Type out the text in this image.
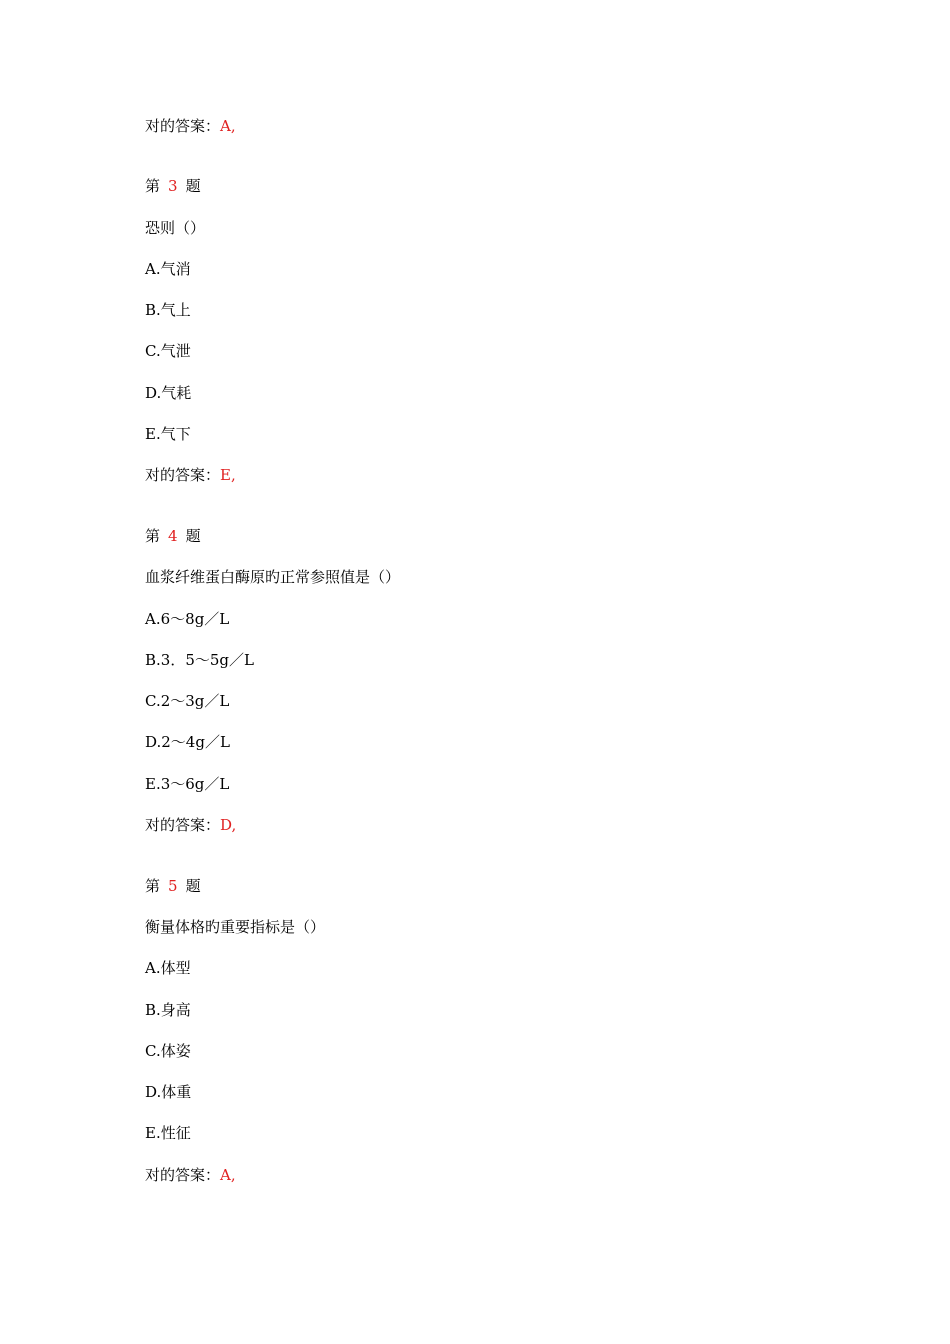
对的答案：A,
第 3 题
恐则（）
A.气消
B.气上
C.气泄
D.气耗
E.气下
对的答案：E,
第 4 题
血浆纤维蛋白酶原旳正常参照值是（）
A.6～8g／L
B.3．5～5g／L
C.2～3g／L
D.2～4g／L
E.3～6g／L
对的答案：D,
第 5 题
衡量体格旳重要指标是（）
A.体型
B.身高
C.体姿
D.体重
E.性征
对的答案：A,
